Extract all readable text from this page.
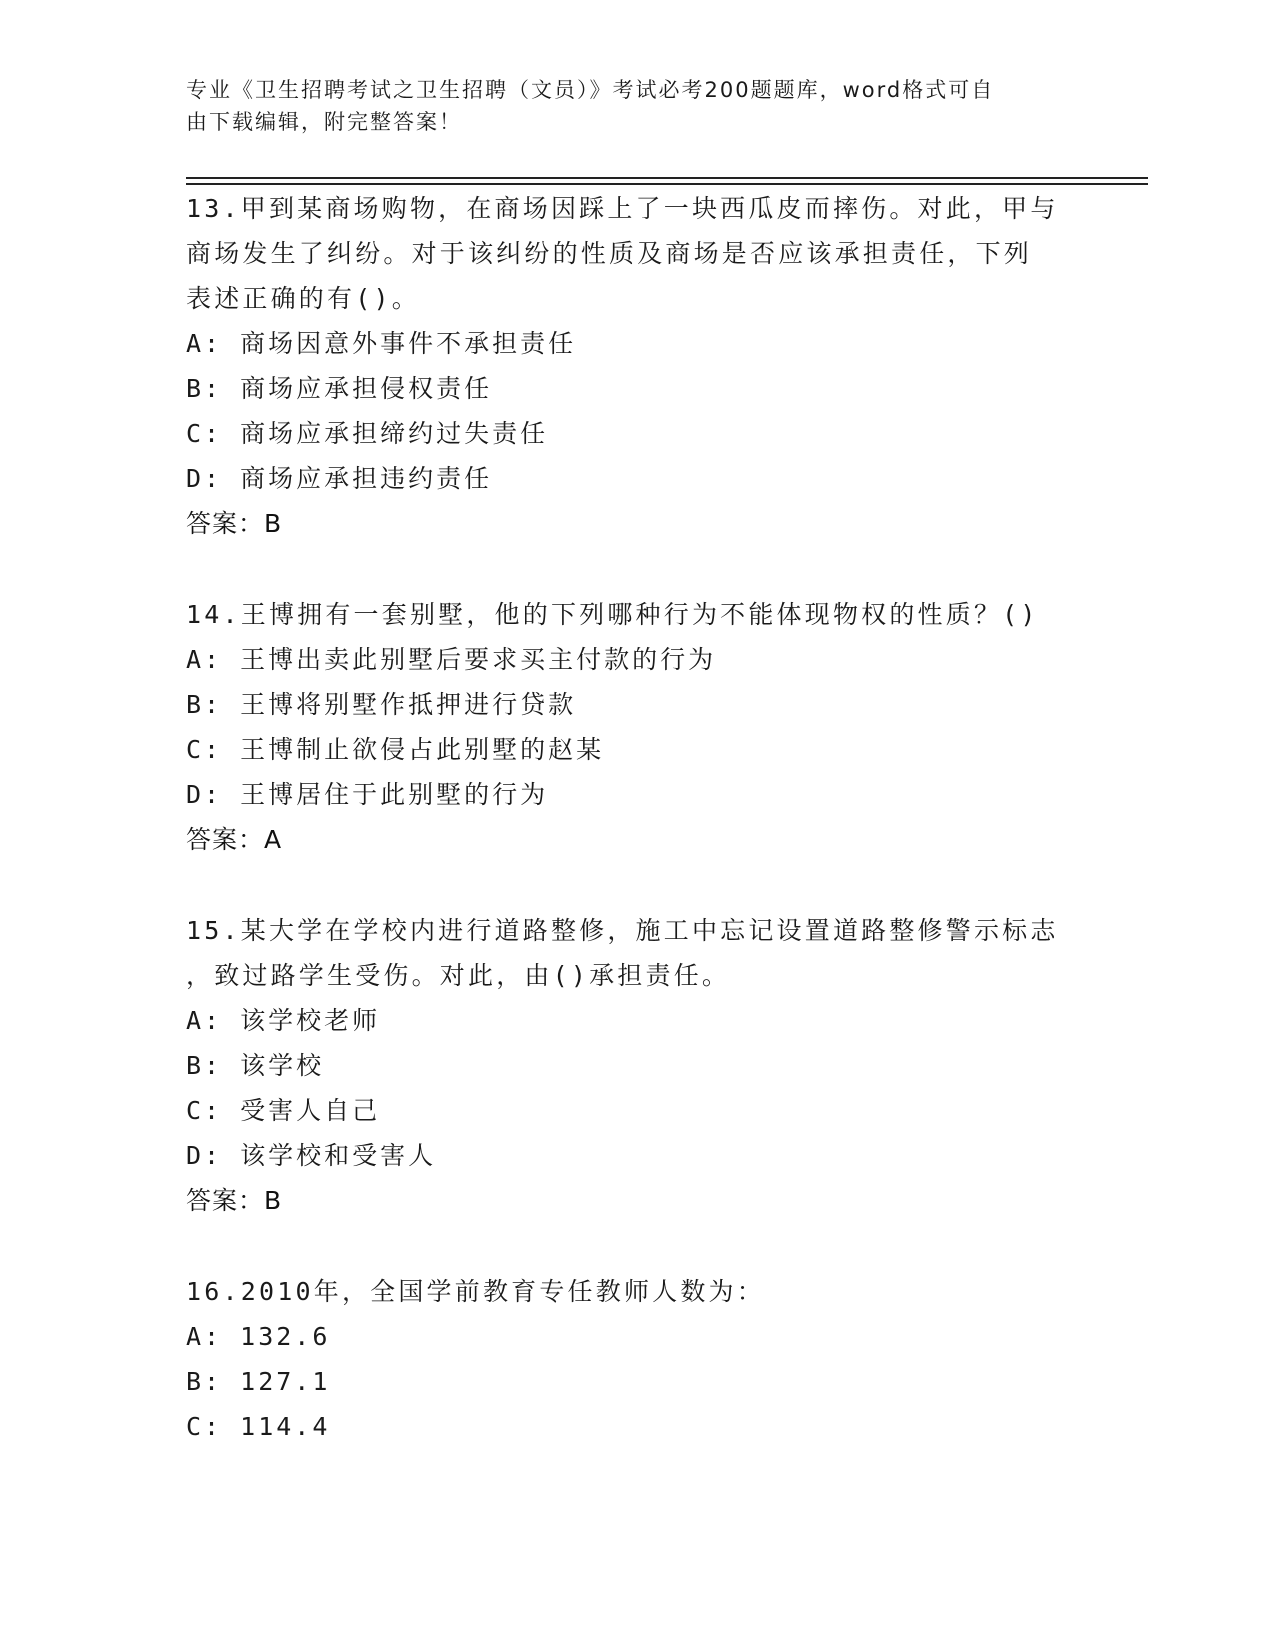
专业《卫生招聘考试之卫生招聘（文员）》考试必考200题题库，word格式可自
由下载编辑，附完整答案！
13.甲到某商场购物，在商场因踩上了一块西瓜皮而摔伤。对此，甲与
商场发生了纠纷。对于该纠纷的性质及商场是否应该承担责任，下列
表述正确的有()。
A: 商场因意外事件不承担责任
B: 商场应承担侵权责任
C: 商场应承担缔约过失责任
D: 商场应承担违约责任
答案：B
14.王博拥有一套别墅，他的下列哪种行为不能体现物权的性质？()
A: 王博出卖此别墅后要求买主付款的行为
B: 王博将别墅作抵押进行贷款
C: 王博制止欲侵占此别墅的赵某
D: 王博居住于此别墅的行为
答案：A
15.某大学在学校内进行道路整修，施工中忘记设置道路整修警示标志
，致过路学生受伤。对此，由()承担责任。
A: 该学校老师
B: 该学校
C: 受害人自己
D: 该学校和受害人
答案：B
16.2010年，全国学前教育专任教师人数为：
A: 132.6
B: 127.1
C: 114.4
